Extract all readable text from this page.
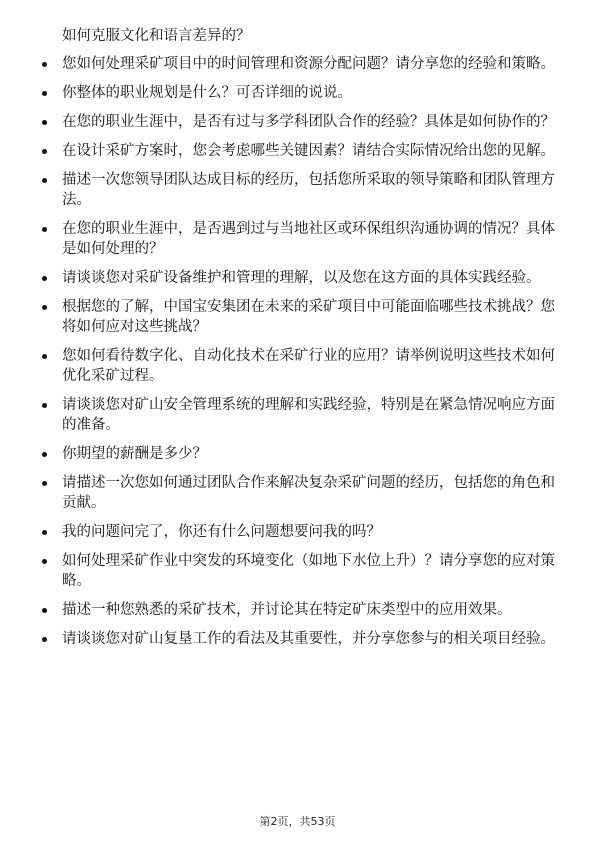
如何克服文化和语言差异的？
您如何处理采矿项目中的时间管理和资源分配问题？请分享您的经验和策略。
你整体的职业规划是什么？可否详细的说说。
在您的职业生涯中，是否有过与多学科团队合作的经验？具体是如何协作的？
在设计采矿方案时，您会考虑哪些关键因素？请结合实际情况给出您的见解。
描述一次您领导团队达成目标的经历，包括您所采取的领导策略和团队管理方法。
在您的职业生涯中，是否遇到过与当地社区或环保组织沟通协调的情况？具体是如何处理的？
请谈谈您对采矿设备维护和管理的理解，以及您在这方面的具体实践经验。
根据您的了解，中国宝安集团在未来的采矿项目中可能面临哪些技术挑战？您将如何应对这些挑战？
您如何看待数字化、自动化技术在采矿行业的应用？请举例说明这些技术如何优化采矿过程。
请谈谈您对矿山安全管理系统的理解和实践经验，特别是在紧急情况响应方面的准备。
你期望的薪酬是多少？
请描述一次您如何通过团队合作来解决复杂采矿问题的经历，包括您的角色和贡献。
我的问题问完了，你还有什么问题想要问我的吗？
如何处理采矿作业中突发的环境变化（如地下水位上升）？请分享您的应对策略。
描述一种您熟悉的采矿技术，并讨论其在特定矿床类型中的应用效果。
请谈谈您对矿山复垦工作的看法及其重要性，并分享您参与的相关项目经验。
第2页，共53页
